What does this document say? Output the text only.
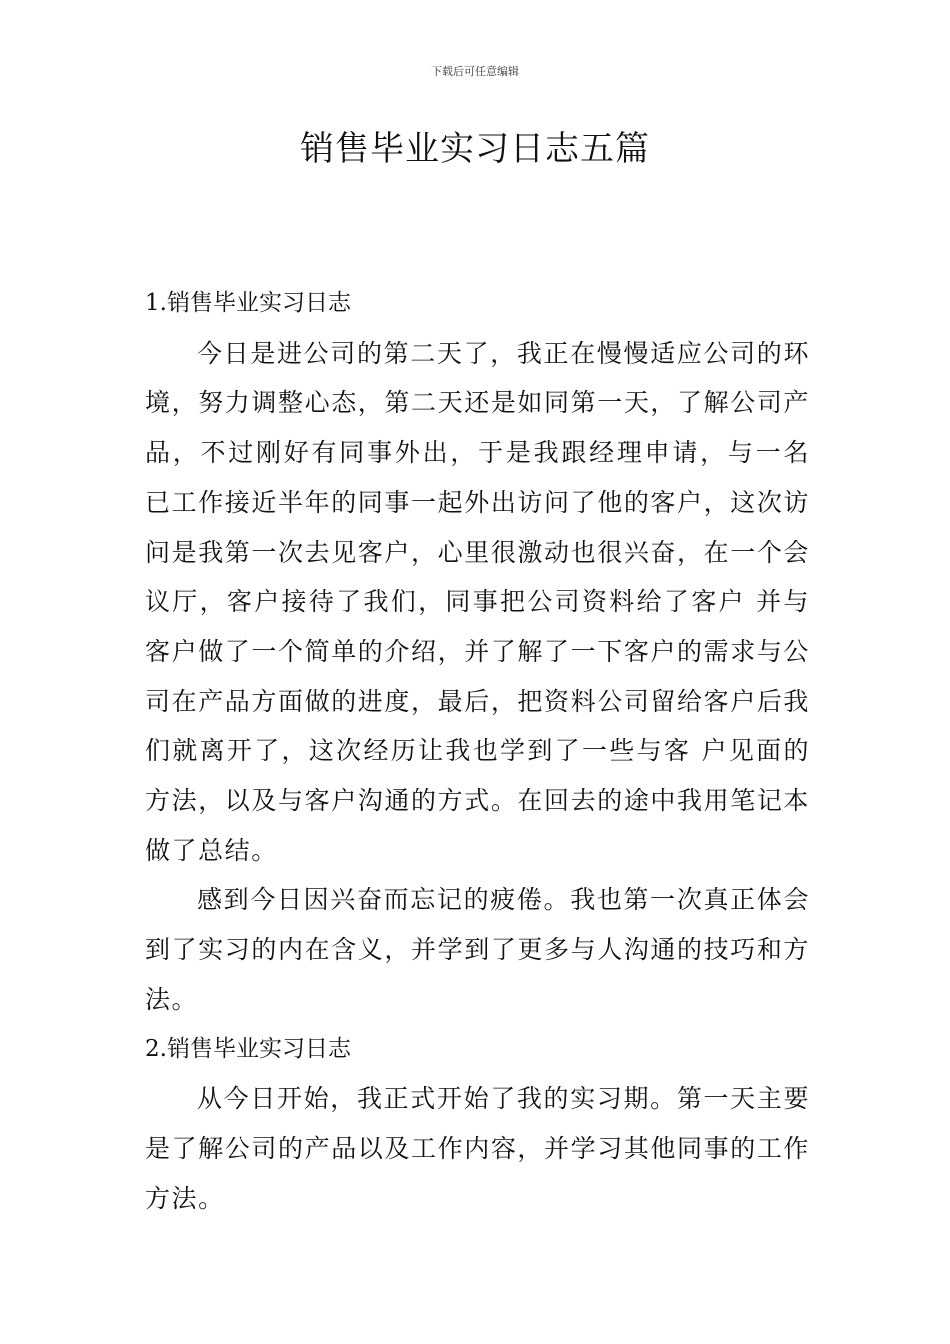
下载后可任意编辑
销售毕业实习日志五篇

1.销售毕业实习日志

今日是进公司的第二天了，我正在慢慢适应公司的环境，努力调整心态，第二天还是如同第一天，了解公司产品，不过刚好有同事外出，于是我跟经理申请，与一名 已工作接近半年的同事一起外出访问了他的客户，这次访问是我第一次去见客户，心里很激动也很兴奋，在一个会议厅，客户接待了我们，同事把公司资料给了客户 并与客户做了一个简单的介绍，并了解了一下客户的需求与公司在产品方面做的进度，最后，把资料公司留给客户后我们就离开了，这次经历让我也学到了一些与客 户见面的方法，以及与客户沟通的方式。在回去的途中我用笔记本做了总结。

感到今日因兴奋而忘记的疲倦。我也第一次真正体会到了实习的内在含义，并学到了更多与人沟通的技巧和方法。

2.销售毕业实习日志

从今日开始，我正式开始了我的实习期。第一天主要是了解公司的产品以及工作内容，并学习其他同事的工作方法。
